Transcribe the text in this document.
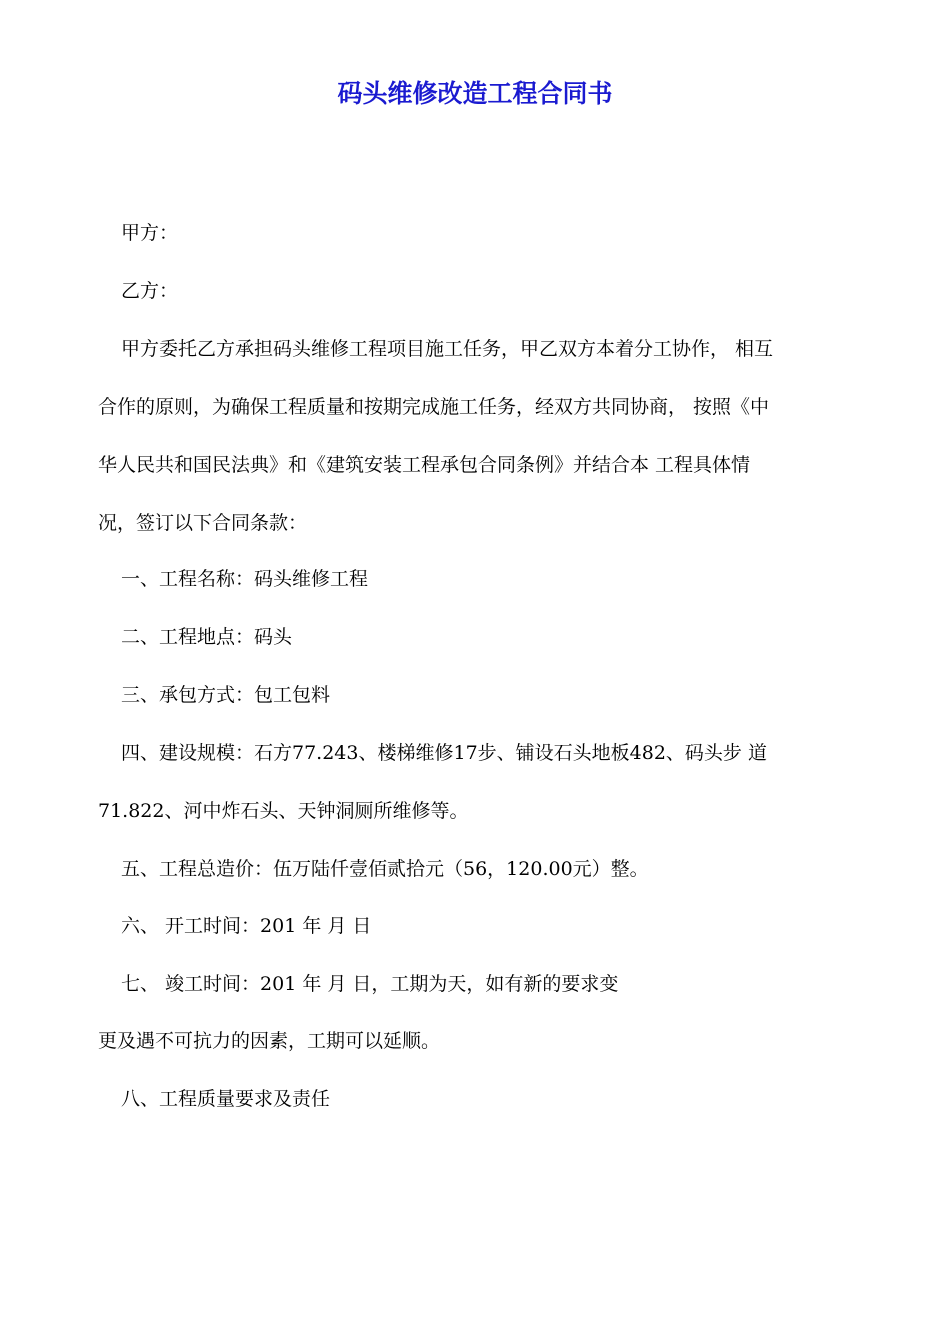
码头维修改造工程合同书
甲方：
乙方：
甲方委托乙方承担码头维修工程项目施工任务，甲乙双方本着分工协作， 相互
合作的原则，为确保工程质量和按期完成施工任务，经双方共同协商， 按照《中
华人民共和国民法典》和《建筑安装工程承包合同条例》并结合本 工程具体情
况，签订以下合同条款：
一、工程名称：码头维修工程
二、工程地点：码头
三、承包方式：包工包料
四、建设规模：石方77.243、楼梯维修17步、铺设石头地板482、码头步 道
71.822、河中炸石头、天钟洞厕所维修等。
五、工程总造价：伍万陆仟壹佰贰拾元（56，120.00元）整。
六、 开工时间：201 年 月 日
七、 竣工时间：201 年 月 日，工期为天，如有新的要求变
更及遇不可抗力的因素，工期可以延顺。
八、工程质量要求及责任
